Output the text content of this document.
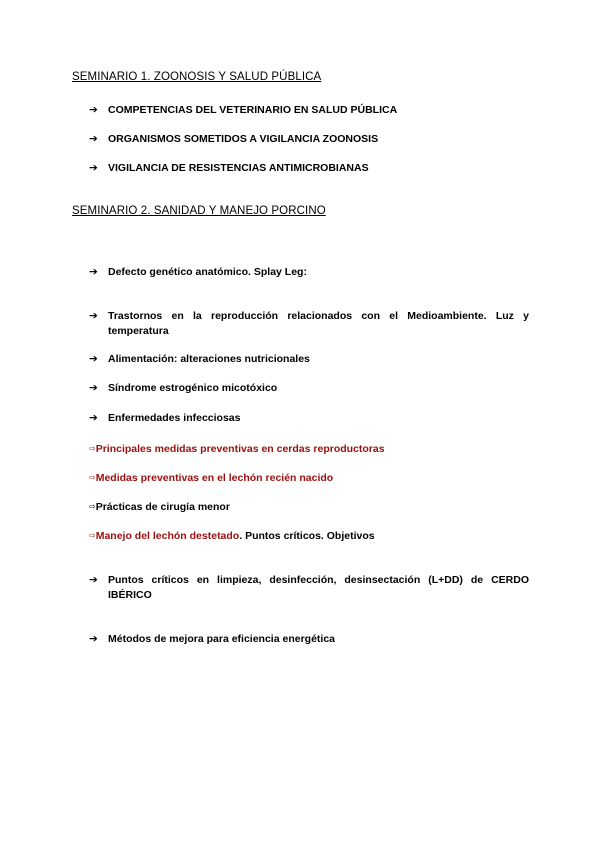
SEMINARIO 1. ZOONOSIS Y SALUD PÚBLICA
➔ COMPETENCIAS DEL VETERINARIO EN SALUD PÚBLICA
➔ ORGANISMOS SOMETIDOS A VIGILANCIA ZOONOSIS
➔ VIGILANCIA DE RESISTENCIAS ANTIMICROBIANAS
SEMINARIO 2. SANIDAD Y MANEJO PORCINO
➔ Defecto genético anatómico. Splay Leg:
➔ Trastornos en la reproducción relacionados con el Medioambiente. Luz y temperatura
➔ Alimentación: alteraciones nutricionales
➔ Síndrome estrogénico micotóxico
➔ Enfermedades infecciosas
⇨Principales medidas preventivas en cerdas reproductoras
⇨Medidas preventivas en el lechón recién nacido
⇨Prácticas de cirugía menor
⇨Manejo del lechón destetado. Puntos críticos. Objetivos
➔ Puntos críticos en limpieza, desinfección, desinsectación (L+DD) de CERDO IBÉRICO
➔ Métodos de mejora para eficiencia energética
